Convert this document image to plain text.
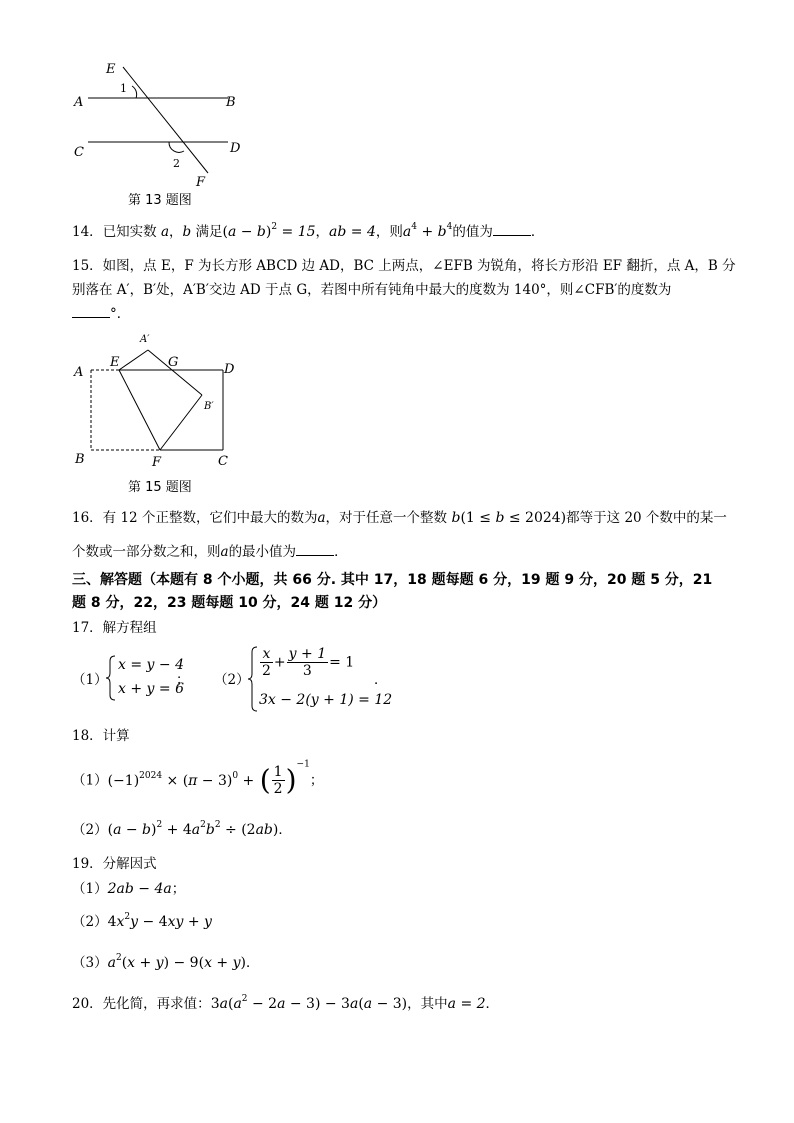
E
1
A	B
C	D
2
F
第 13 题图
14．已知实数 a，b 满足$(a - b)^2 = 15$，ab = 4，则$a^4 + b^4$的值为	．
15．如图，点 E，F 为长方形 ABCD 边 AD，BC 上两点，∠EFB 为锐角，将长方形沿 EF 翻折，点 A，B 分
别落在 A′，B′处，A′B′交边 AD 于点 G，若图中所有钝角中最大的度数为 140°，则∠CFB′的度数为
°．
A′
E	G	D
A
B′
B	F	C
第 15 题图
16．有 12 个正整数，它们中最大的数为a，对于任意一个整数 b(1 ≤ b ≤ 2024)都等于这 20 个数中的某一
个数或一部分数之和，则a的最小值为	．
三、解答题（本题有 8 个小题，共 66 分. 其中 17，18 题每题 6 分，19 题 9 分，20 题 5 分，21
题 8 分，22，23 题每题 10 分，24 题 12 分）
17．解方程组
（1）
x = y − 4
x + y = 6
； （2）
$\frac{x}{2} + \frac{y + 1}{3} = 1$
3x − 2(y + 1) = 12
．
18．计算
$(1)(-1)^{2024} \times (\pi - 3)^0$ + ( $\frac{1}{2} )^{-1}$；
$(2)(a - b)^2 + 4a^2b^2 \div (2ab)$．
19．分解因式
（1）2ab − 4a；
$(2)4x^2y - 4xy + y$
$(3)a^2(x + y) - 9(x + y)$．
20．先化简，再求值：$3a(a^2 - 2a - 3) - 3a(a - 3)$，其中a = 2．
